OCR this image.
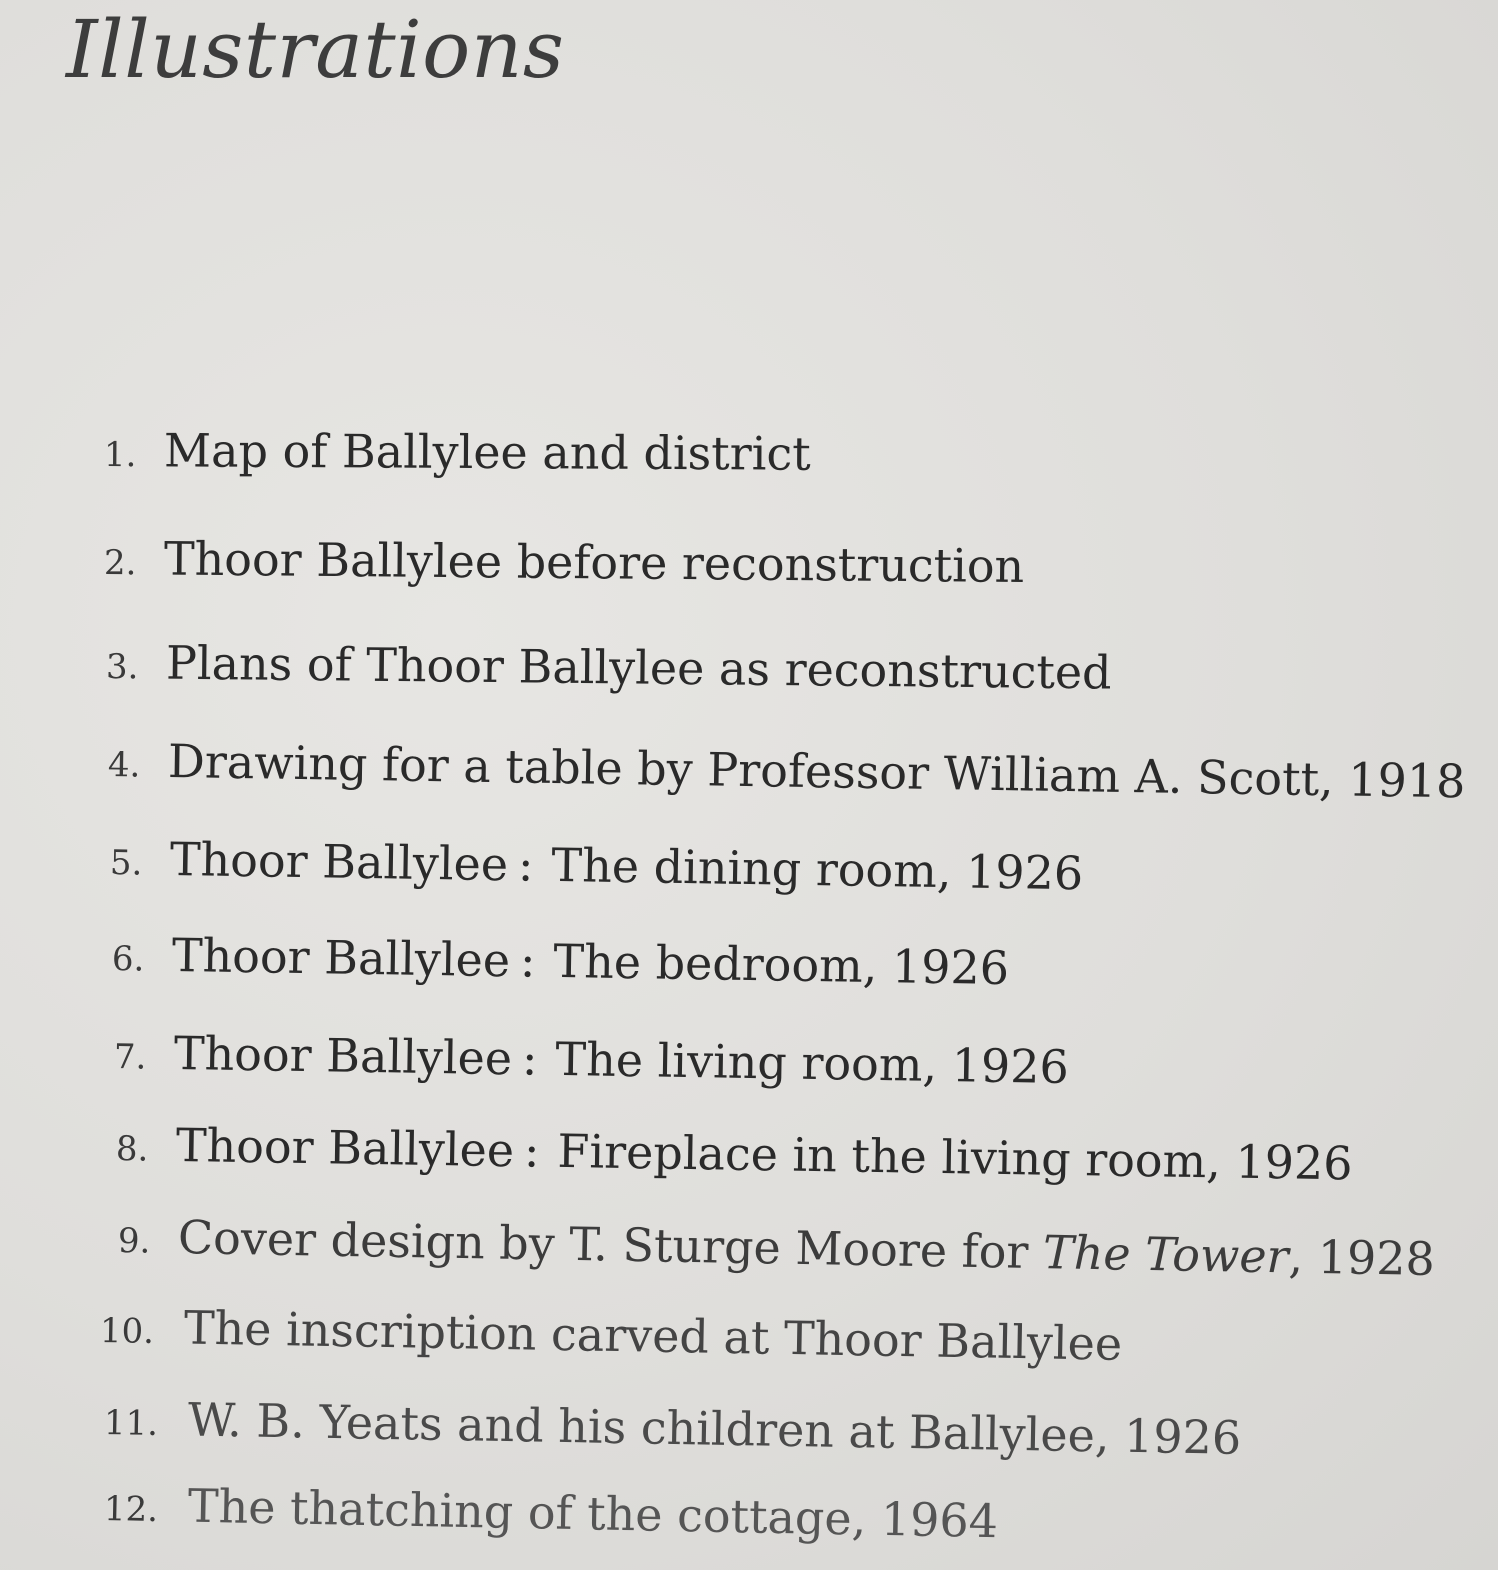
Illustrations
1. Map of Ballylee and district
2. Thoor Ballylee before reconstruction
3. Plans of Thoor Ballylee as reconstructed
4. Drawing for a table by Professor William A. Scott, 1918
5. Thoor Ballylee : The dining room, 1926
6. Thoor Ballylee : The bedroom, 1926
7. Thoor Ballylee : The living room, 1926
8. Thoor Ballylee : Fireplace in the living room, 1926
9. Cover design by T. Sturge Moore for The Tower, 1928
10. The inscription carved at Thoor Ballylee
11. W. B. Yeats and his children at Ballylee, 1926
12. The thatching of the cottage, 1964
